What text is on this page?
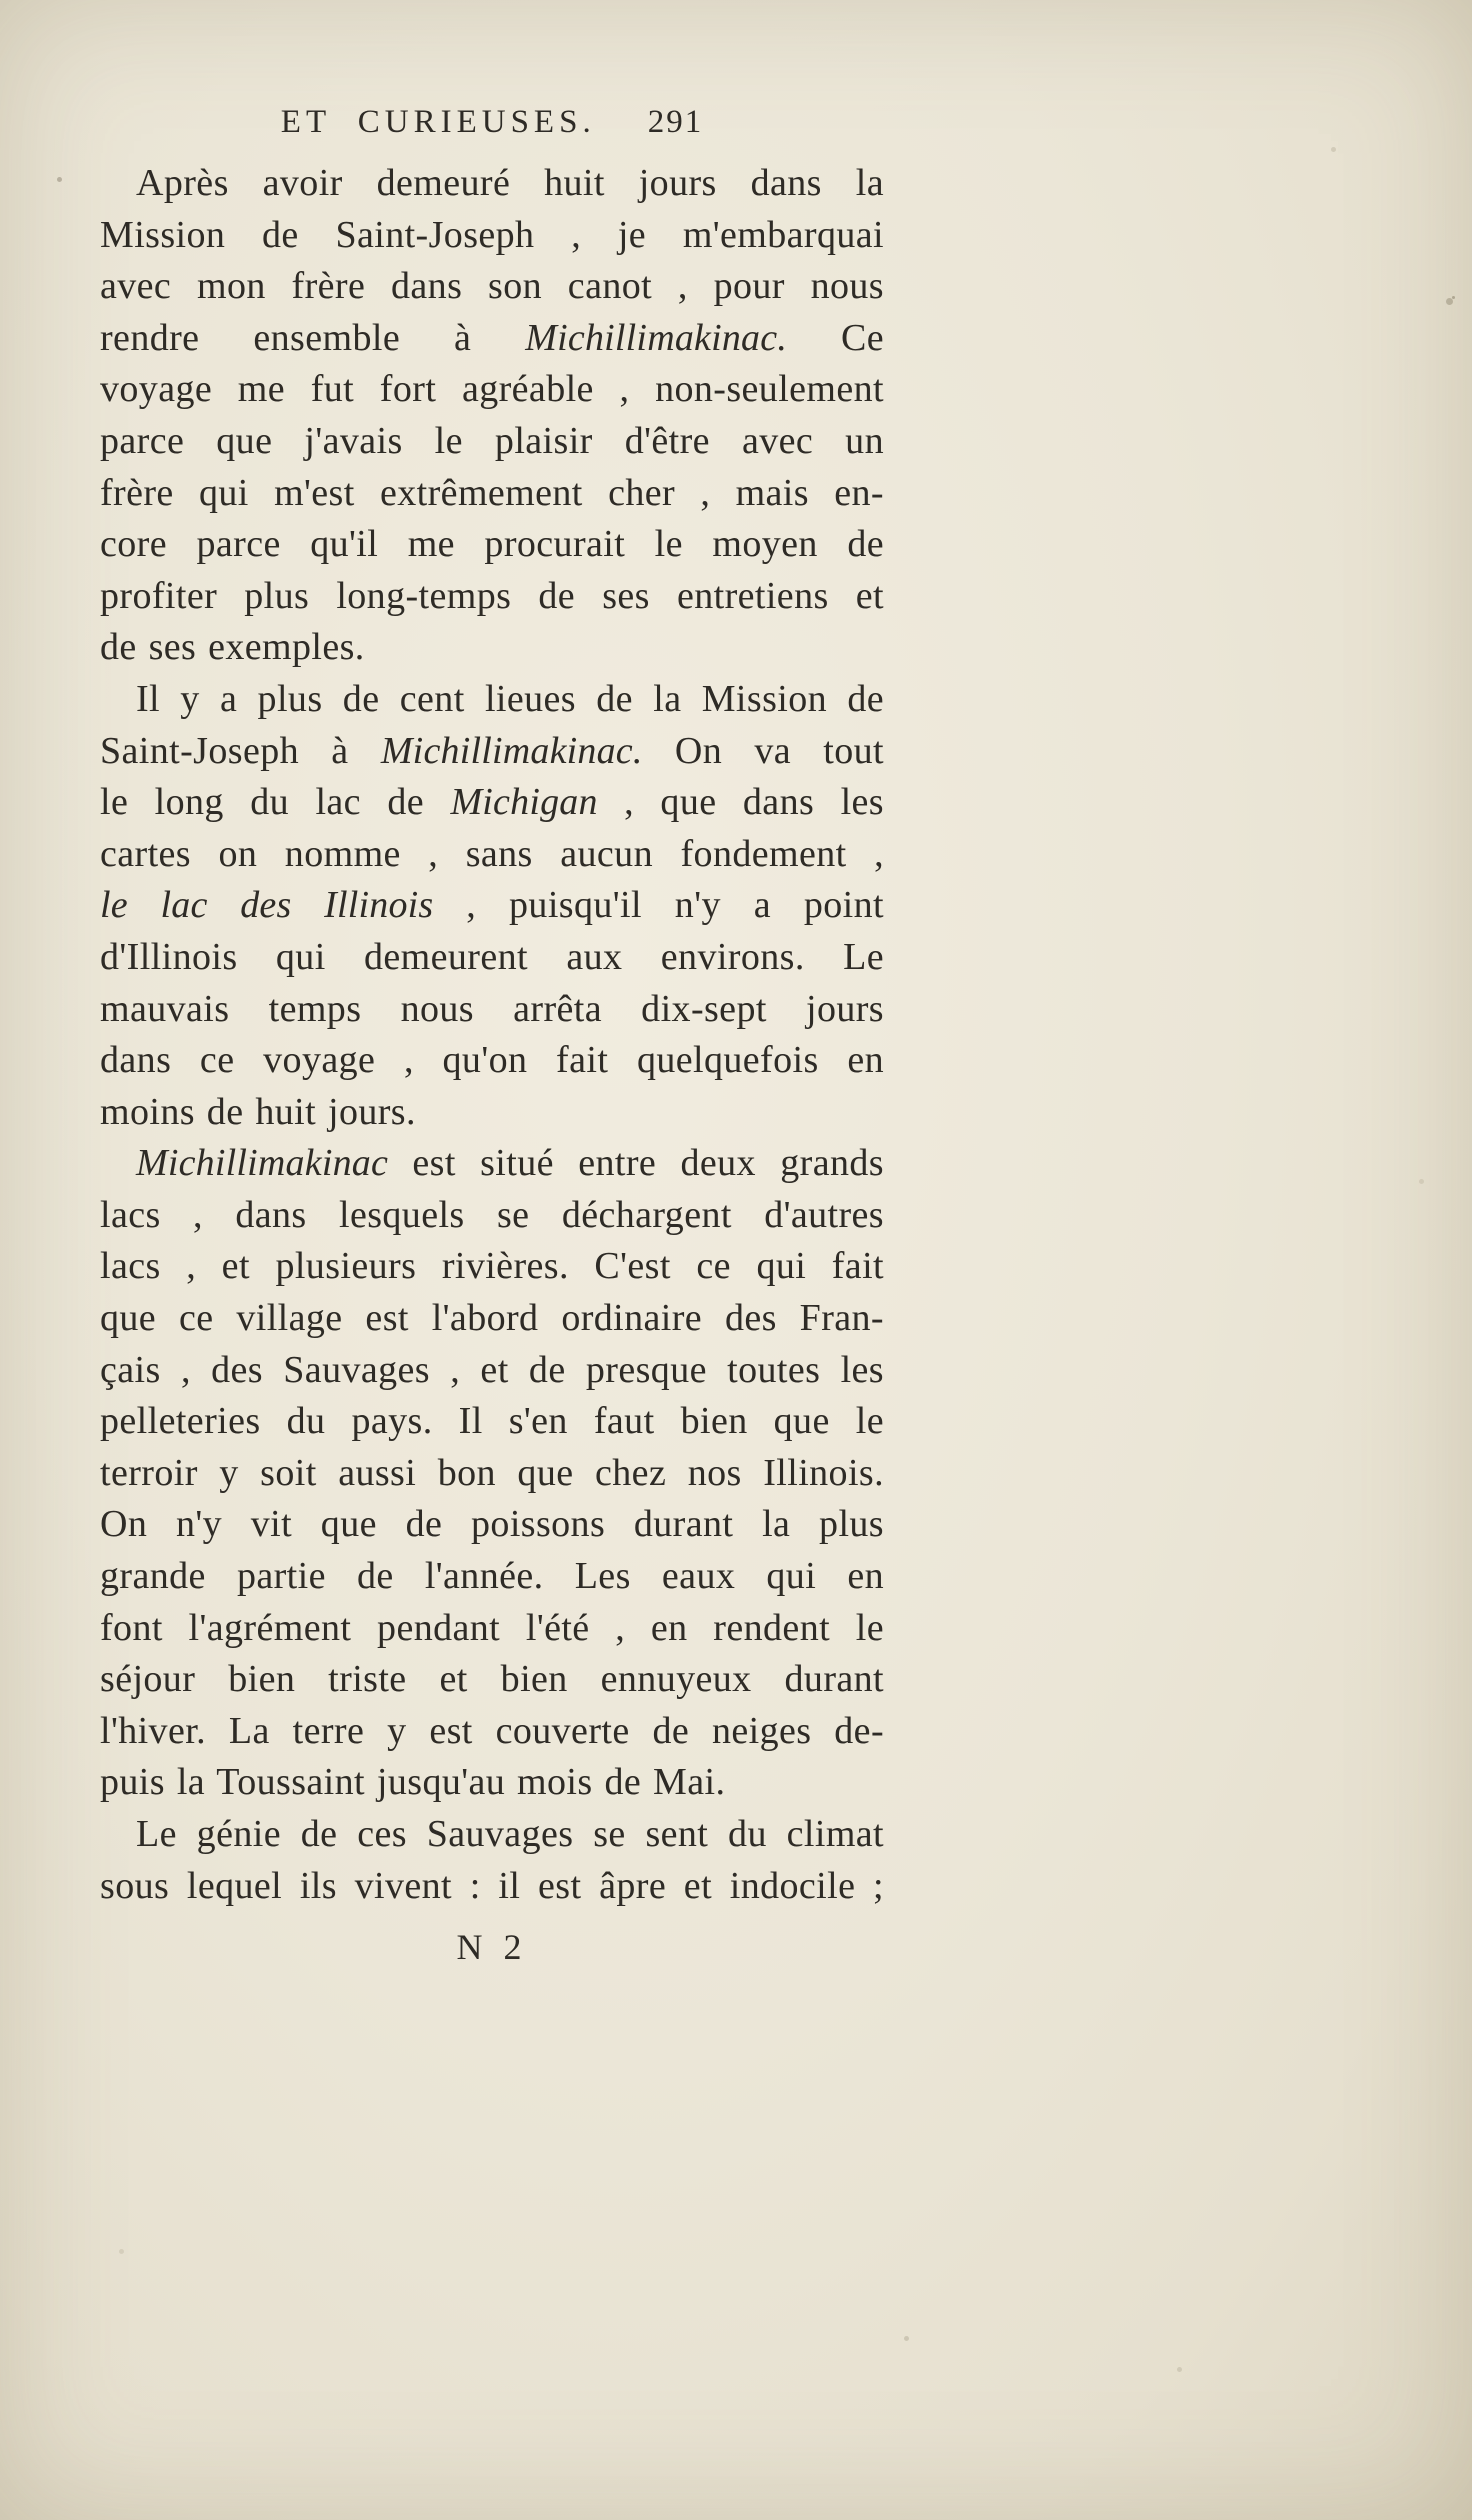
ET CURIEUSES. 291
Après avoir demeuré huit jours dans la
Mission de Saint-Joseph , je m'embarquai
avec mon frère dans son canot , pour nous
rendre ensemble à Michillimakinac. Ce
voyage me fut fort agréable , non-seulement
parce que j'avais le plaisir d'être avec un
frère qui m'est extrêmement cher , mais en-
core parce qu'il me procurait le moyen de
profiter plus long-temps de ses entretiens et
de ses exemples.
Il y a plus de cent lieues de la Mission de
Saint-Joseph à Michillimakinac. On va tout
le long du lac de Michigan , que dans les
cartes on nomme , sans aucun fondement ,
le lac des Illinois , puisqu'il n'y a point
d'Illinois qui demeurent aux environs. Le
mauvais temps nous arrêta dix-sept jours
dans ce voyage , qu'on fait quelquefois en
moins de huit jours.
Michillimakinac est situé entre deux grands
lacs , dans lesquels se déchargent d'autres
lacs , et plusieurs rivières. C'est ce qui fait
que ce village est l'abord ordinaire des Fran-
çais , des Sauvages , et de presque toutes les
pelleteries du pays. Il s'en faut bien que le
terroir y soit aussi bon que chez nos Illinois.
On n'y vit que de poissons durant la plus
grande partie de l'année. Les eaux qui en
font l'agrément pendant l'été , en rendent le
séjour bien triste et bien ennuyeux durant
l'hiver. La terre y est couverte de neiges de-
puis la Toussaint jusqu'au mois de Mai.
Le génie de ces Sauvages se sent du climat
sous lequel ils vivent : il est âpre et indocile ;
N 2
